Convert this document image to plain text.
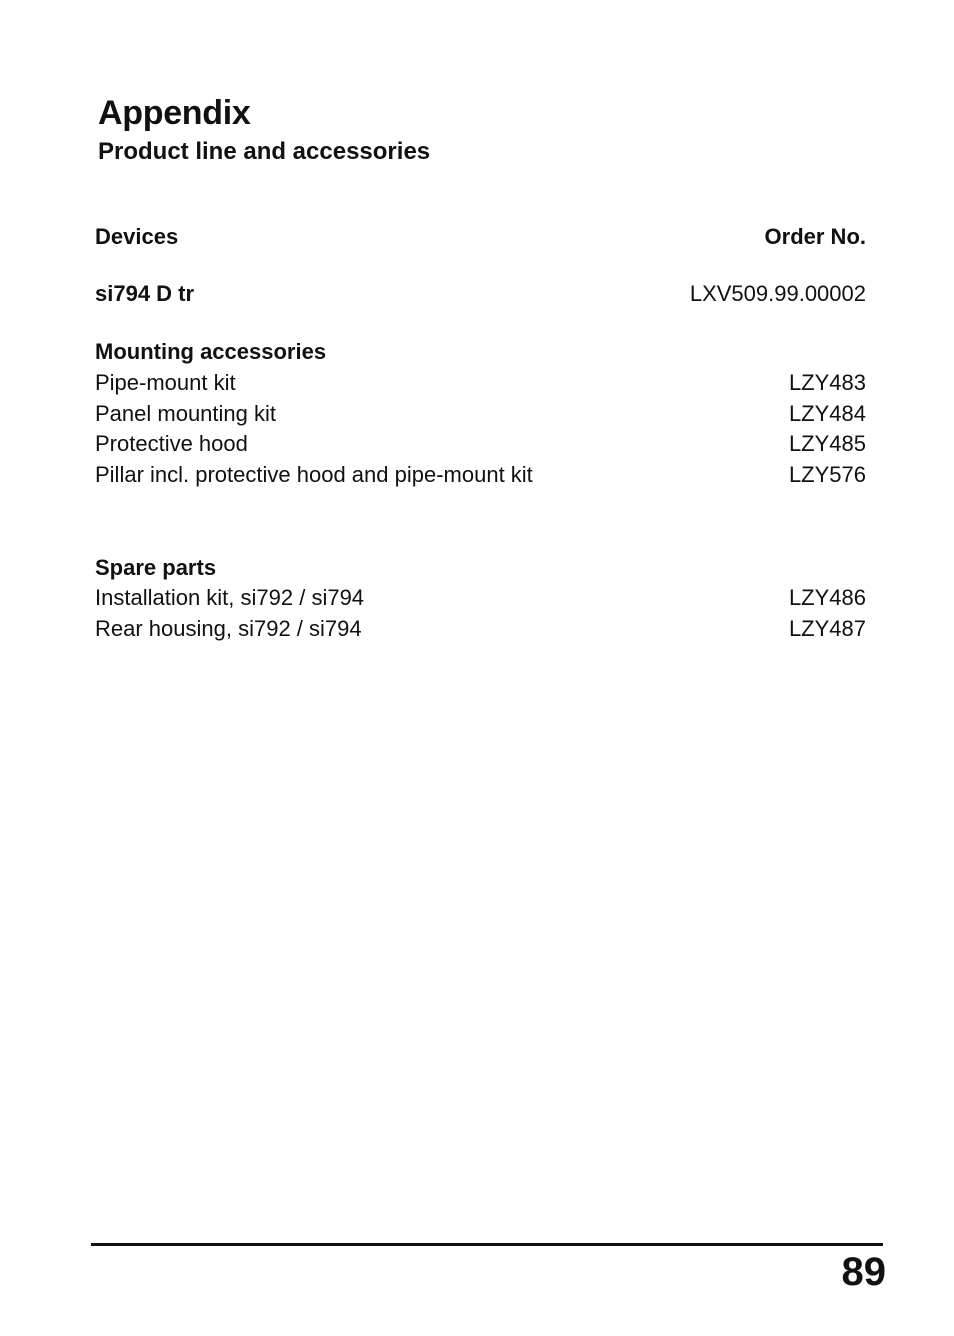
Appendix
Product line and accessories
Devices	Order No.
si794 D tr	LXV509.99.00002
Mounting accessories
Pipe-mount kit	LZY483
Panel mounting kit	LZY484
Protective hood	LZY485
Pillar incl. protective hood and pipe-mount kit	LZY576
Spare parts
Installation kit, si792 / si794	LZY486
Rear housing, si792 / si794	LZY487
89
